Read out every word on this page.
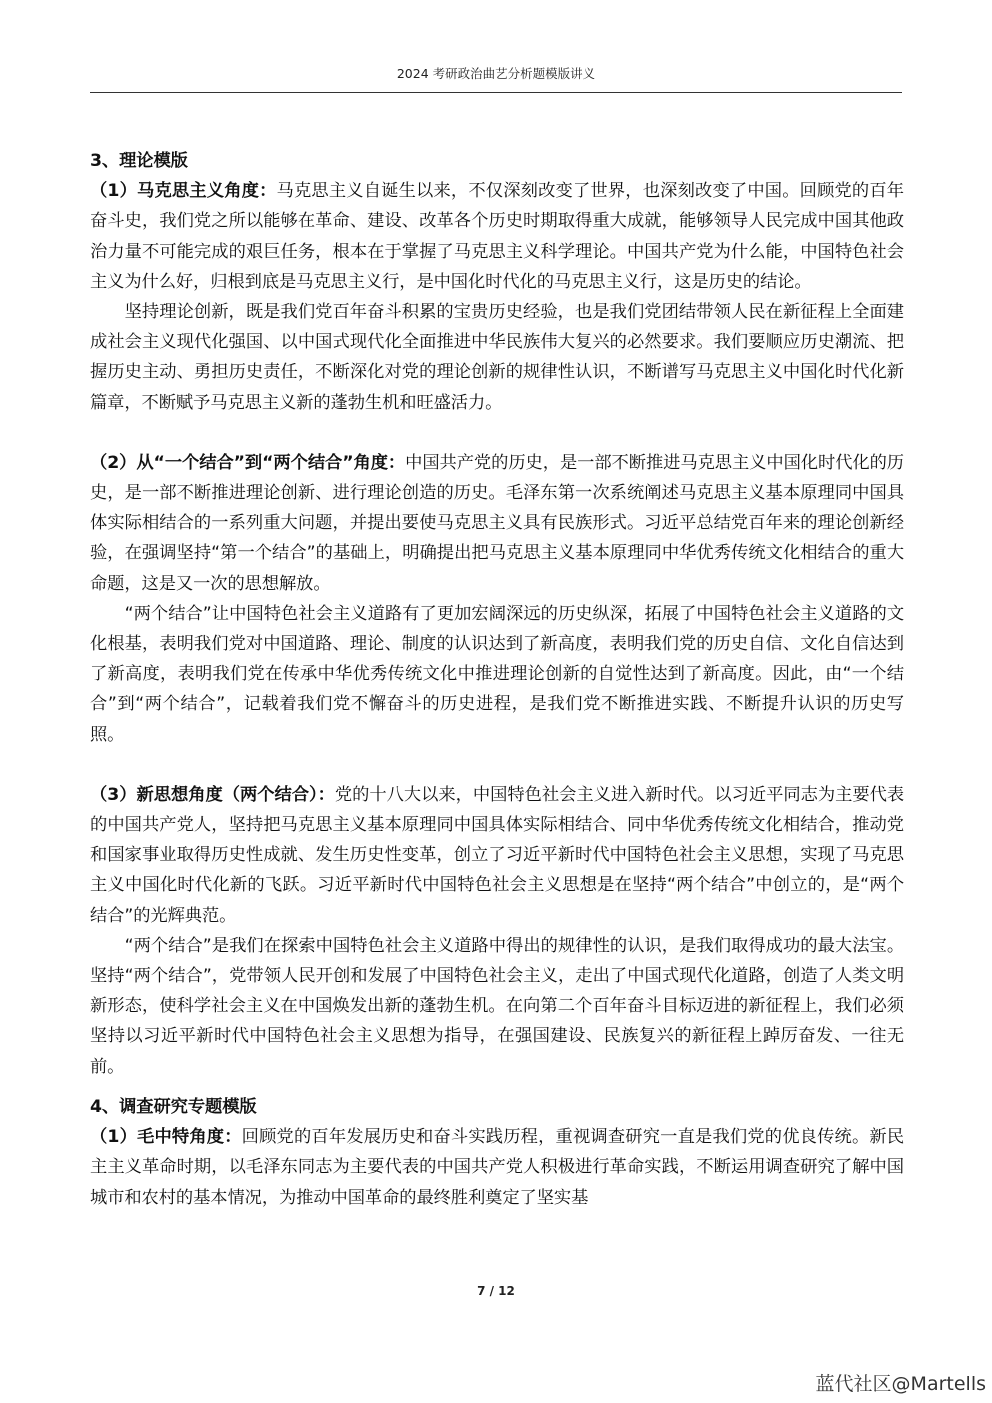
2024 考研政治曲艺分析题模版讲义
3、理论模版

（1）马克思主义角度：马克思主义自诞生以来，不仅深刻改变了世界，也深刻改变了中国。回顾党的百年奋斗史，我们党之所以能够在革命、建设、改革各个历史时期取得重大成就，能够领导人民完成中国其他政治力量不可能完成的艰巨任务，根本在于掌握了马克思主义科学理论。中国共产党为什么能，中国特色社会主义为什么好，归根到底是马克思主义行，是中国化时代化的马克思主义行，这是历史的结论。

坚持理论创新，既是我们党百年奋斗积累的宝贵历史经验，也是我们党团结带领人民在新征程上全面建成社会主义现代化强国、以中国式现代化全面推进中华民族伟大复兴的必然要求。我们要顺应历史潮流、把握历史主动、勇担历史责任，不断深化对党的理论创新的规律性认识，不断谱写马克思主义中国化时代化新篇章，不断赋予马克思主义新的蓬勃生机和旺盛活力。

（2）从“一个结合”到“两个结合”角度：中国共产党的历史，是一部不断推进马克思主义中国化时代化的历史，是一部不断推进理论创新、进行理论创造的历史。毛泽东第一次系统阐述马克思主义基本原理同中国具体实际相结合的一系列重大问题，并提出要使马克思主义具有民族形式。习近平总结党百年来的理论创新经验，在强调坚持“第一个结合”的基础上，明确提出把马克思主义基本原理同中华优秀传统文化相结合的重大命题，这是又一次的思想解放。

“两个结合”让中国特色社会主义道路有了更加宏阔深远的历史纵深，拓展了中国特色社会主义道路的文化根基，表明我们党对中国道路、理论、制度的认识达到了新高度，表明我们党的历史自信、文化自信达到了新高度，表明我们党在传承中华优秀传统文化中推进理论创新的自觉性达到了新高度。因此，由“一个结合”到“两个结合”，记载着我们党不懈奋斗的历史进程，是我们党不断推进实践、不断提升认识的历史写照。

（3）新思想角度（两个结合）：党的十八大以来，中国特色社会主义进入新时代。以习近平同志为主要代表的中国共产党人，坚持把马克思主义基本原理同中国具体实际相结合、同中华优秀传统文化相结合，推动党和国家事业取得历史性成就、发生历史性变革，创立了习近平新时代中国特色社会主义思想，实现了马克思主义中国化时代化新的飞跃。习近平新时代中国特色社会主义思想是在坚持“两个结合”中创立的，是“两个结合”的光辉典范。

“两个结合”是我们在探索中国特色社会主义道路中得出的规律性的认识，是我们取得成功的最大法宝。坚持“两个结合”，党带领人民开创和发展了中国特色社会主义，走出了中国式现代化道路，创造了人类文明新形态，使科学社会主义在中国焕发出新的蓬勃生机。在向第二个百年奋斗目标迈进的新征程上，我们必须坚持以习近平新时代中国特色社会主义思想为指导，在强国建设、民族复兴的新征程上踔厉奋发、一往无前。

4、调查研究专题模版

（1）毛中特角度：回顾党的百年发展历史和奋斗实践历程，重视调查研究一直是我们党的优良传统。新民主主义革命时期，以毛泽东同志为主要代表的中国共产党人积极进行革命实践，不断运用调查研究了解中国城市和农村的基本情况，为推动中国革命的最终胜利奠定了坚实基

7 / 12
蓝代社区@Martells
